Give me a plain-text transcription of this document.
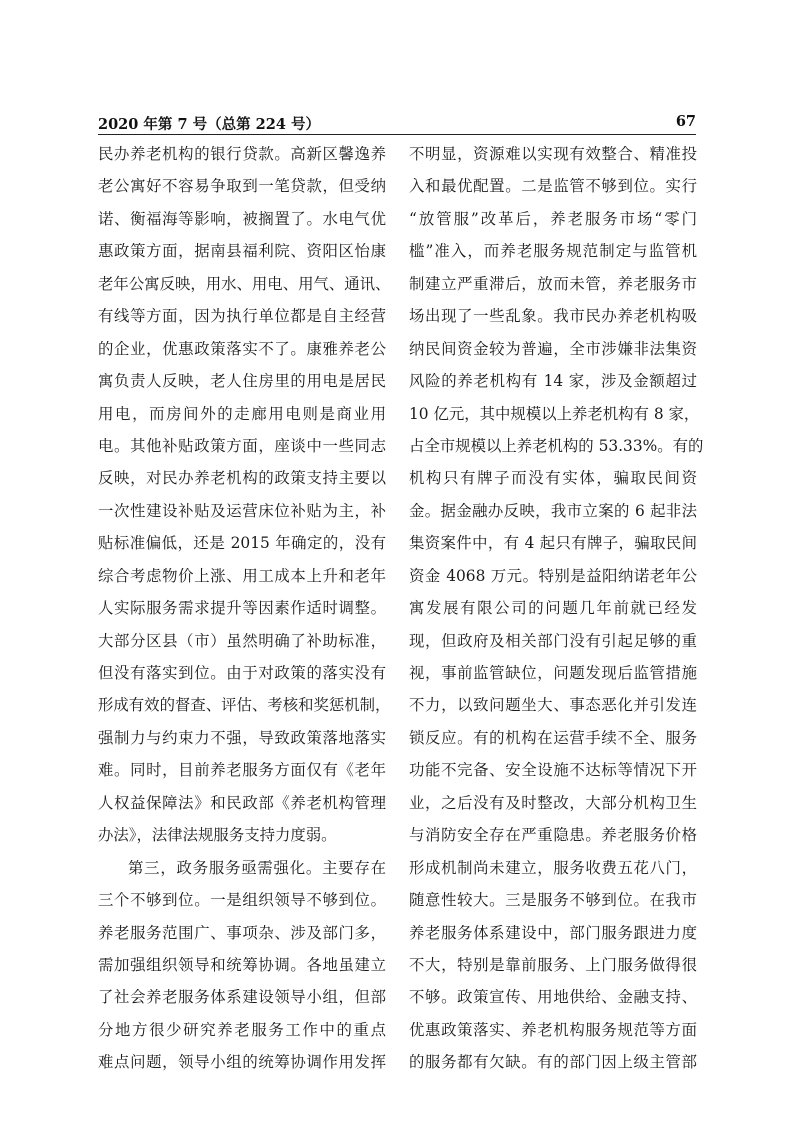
2020 年第 7 号（总第 224 号）	67
民办养老机构的银行贷款。高新区馨逸养
老公寓好不容易争取到一笔贷款，但受纳
诺、衡福海等影响，被搁置了。水电气优
惠政策方面，据南县福利院、资阳区怡康
老年公寓反映，用水、用电、用气、通讯、
有线等方面，因为执行单位都是自主经营
的企业，优惠政策落实不了。康雅养老公
寓负责人反映，老人住房里的用电是居民
用电，而房间外的走廊用电则是商业用
电。其他补贴政策方面，座谈中一些同志
反映，对民办养老机构的政策支持主要以
一次性建设补贴及运营床位补贴为主，补
贴标准偏低，还是 2015 年确定的，没有
综合考虑物价上涨、用工成本上升和老年
人实际服务需求提升等因素作适时调整。
大部分区县（市）虽然明确了补助标准，
但没有落实到位。由于对政策的落实没有
形成有效的督查、评估、考核和奖惩机制，
强制力与约束力不强，导致政策落地落实
难。同时，目前养老服务方面仅有《老年
人权益保障法》和民政部《养老机构管理
办法》，法律法规服务支持力度弱。
第三，政务服务亟需强化。主要存在
三个不够到位。一是组织领导不够到位。
养老服务范围广、事项杂、涉及部门多，
需加强组织领导和统筹协调。各地虽建立
了社会养老服务体系建设领导小组，但部
分地方很少研究养老服务工作中的重点
难点问题，领导小组的统筹协调作用发挥
不明显，资源难以实现有效整合、精准投
入和最优配置。二是监管不够到位。实行
“放管服”改革后，养老服务市场“零门
槛”准入，而养老服务规范制定与监管机
制建立严重滞后，放而未管，养老服务市
场出现了一些乱象。我市民办养老机构吸
纳民间资金较为普遍，全市涉嫌非法集资
风险的养老机构有 14 家，涉及金额超过
10 亿元，其中规模以上养老机构有 8 家，
占全市规模以上养老机构的 53.33%。有的
机构只有牌子而没有实体，骗取民间资
金。据金融办反映，我市立案的 6 起非法
集资案件中，有 4 起只有牌子，骗取民间
资金 4068 万元。特别是益阳纳诺老年公
寓发展有限公司的问题几年前就已经发
现，但政府及相关部门没有引起足够的重
视，事前监管缺位，问题发现后监管措施
不力，以致问题坐大、事态恶化并引发连
锁反应。有的机构在运营手续不全、服务
功能不完备、安全设施不达标等情况下开
业，之后没有及时整改，大部分机构卫生
与消防安全存在严重隐患。养老服务价格
形成机制尚未建立，服务收费五花八门，
随意性较大。三是服务不够到位。在我市
养老服务体系建设中，部门服务跟进力度
不大，特别是靠前服务、上门服务做得很
不够。政策宣传、用地供给、金融支持、
优惠政策落实、养老机构服务规范等方面
的服务都有欠缺。有的部门因上级主管部
